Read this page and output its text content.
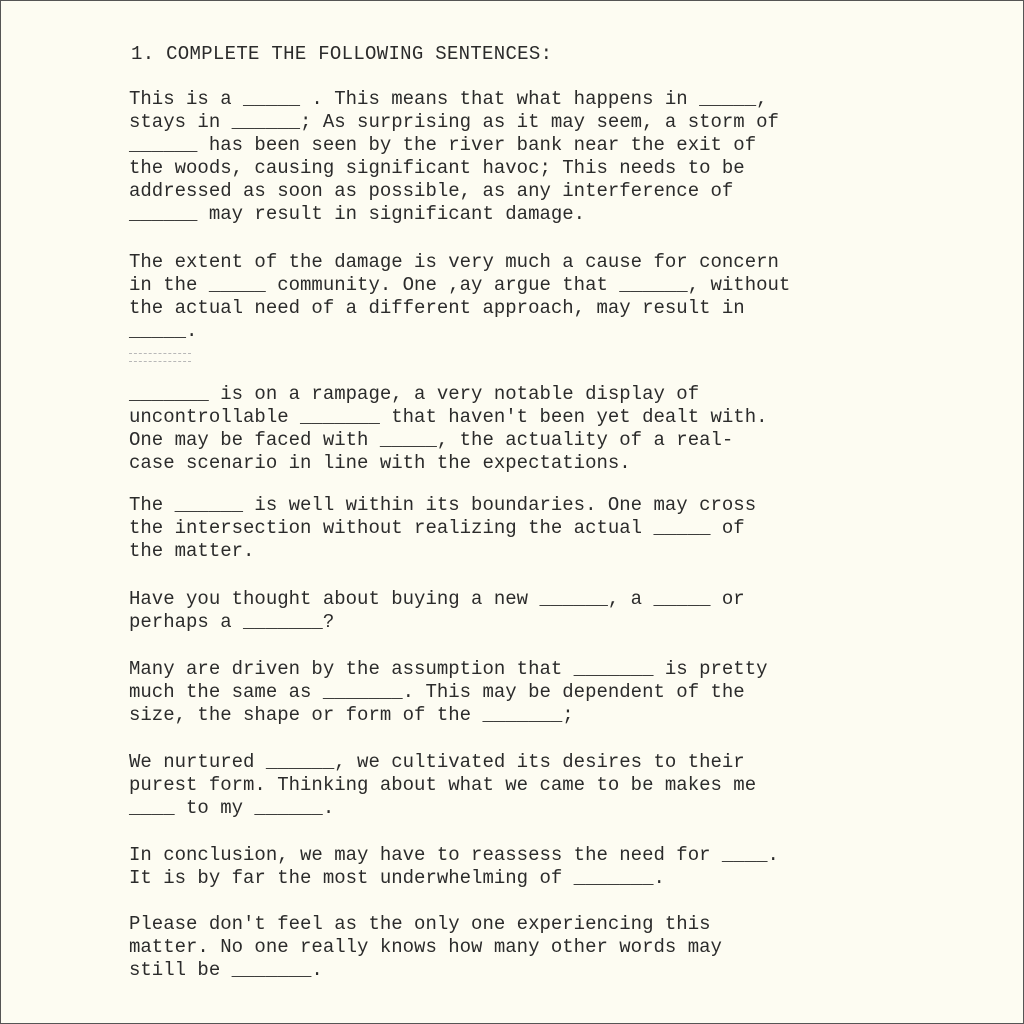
1. COMPLETE THE FOLLOWING SENTENCES:

This is a _____ . This means that what happens in _____,
stays in ______; As surprising as it may seem, a storm of
______ has been seen by the river bank near the exit of
the woods, causing significant havoc; This needs to be
addressed as soon as possible, as any interference of
______ may result in significant damage.

The extent of the damage is very much a cause for concern
in the _____ community. One ,ay argue that ______, without
the actual need of a different approach, may result in
_____.

_______ is on a rampage, a very notable display of
uncontrollable _______ that haven't been yet dealt with.
One may be faced with _____, the actuality of a real-
case scenario in line with the expectations.

The ______ is well within its boundaries. One may cross
the intersection without realizing the actual _____ of
the matter.

Have you thought about buying a new ______, a _____ or
perhaps a _______?

Many are driven by the assumption that _______ is pretty
much the same as _______. This may be dependent of the
size, the shape or form of the _______;

We nurtured ______, we cultivated its desires to their
purest form. Thinking about what we came to be makes me
____ to my ______.

In conclusion, we may have to reassess the need for ____.
It is by far the most underwhelming of _______.

Please don't feel as the only one experiencing this
matter. No one really knows how many other words may
still be _______.
